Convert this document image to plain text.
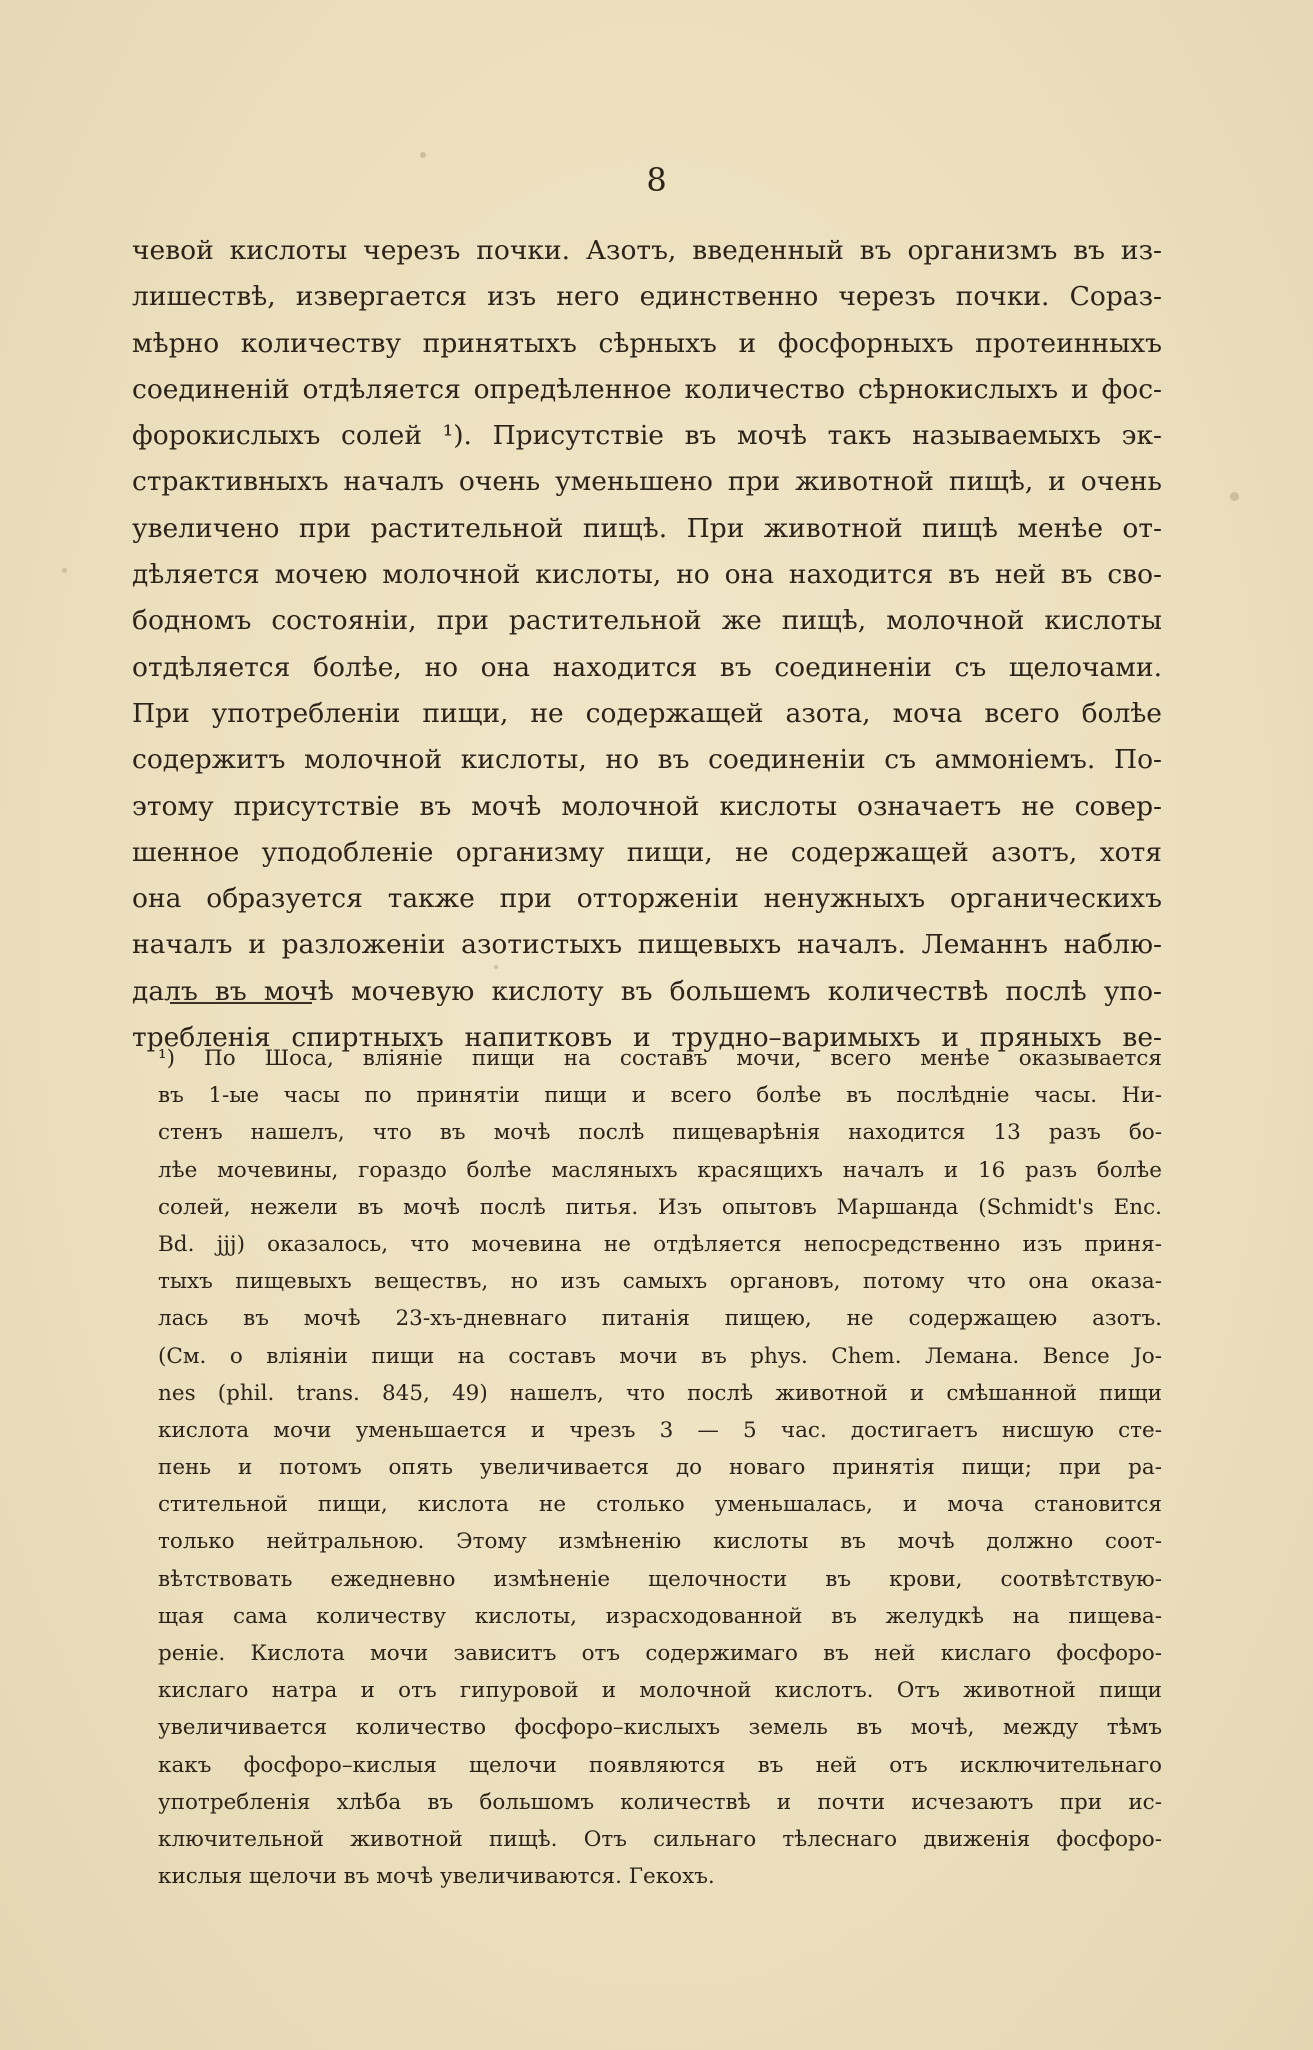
8
чевой кислоты черезъ почки. Азотъ, введенный въ организмъ въ из-
лишествѣ, извергается изъ него единственно черезъ почки. Сораз-
мѣрно количеству принятыхъ сѣрныхъ и фосфорныхъ протеинныхъ
соединеній отдѣляется опредѣленное количество сѣрнокислыхъ и фос-
форокислыхъ солей ¹). Присутствіе въ мочѣ такъ называемыхъ эк-
страктивныхъ началъ очень уменьшено при животной пищѣ, и очень
увеличено при растительной пищѣ. При животной пищѣ менѣе от-
дѣляется мочею молочной кислоты, но она находится въ ней въ сво-
бодномъ состояніи, при растительной же пищѣ, молочной кислоты
отдѣляется болѣе, но она находится въ соединеніи съ щелочами.
При употребленіи пищи, не содержащей азота, моча всего болѣе
содержитъ молочной кислоты, но въ соединеніи съ аммоніемъ. По-
этому присутствіе въ мочѣ молочной кислоты означаетъ не совер-
шенное уподобленіе организму пищи, не содержащей азотъ, хотя
она образуется также при отторженіи ненужныхъ органическихъ
началъ и разложеніи азотистыхъ пищевыхъ началъ. Леманнъ наблю-
далъ въ мочѣ мочевую кислоту въ большемъ количествѣ послѣ упо-
требленія спиртныхъ напитковъ и трудно–варимыхъ и пряныхъ ве-
¹) По Шоса, вліяніе пищи на составъ мочи, всего менѣе оказывается
въ 1-ые часы по принятіи пищи и всего болѣе въ послѣдніе часы. Ни-
стенъ нашелъ, что въ мочѣ послѣ пищеварѣнія находится 13 разъ бо-
лѣе мочевины, гораздо болѣе масляныхъ красящихъ началъ и 16 разъ болѣе
солей, нежели въ мочѣ послѣ питья. Изъ опытовъ Маршанда (Schmidt's Enc.
Bd. jjj) оказалось, что мочевина не отдѣляется непосредственно изъ приня-
тыхъ пищевыхъ веществъ, но изъ самыхъ органовъ, потому что она оказа-
лась въ мочѣ 23-хъ-дневнаго питанія пищею, не содержащею азотъ.
(См. о вліяніи пищи на составъ мочи въ phys. Chem. Лемана. Bence Jo-
nes (phil. trans. 845, 49) нашелъ, что послѣ животной и смѣшанной пищи
кислота мочи уменьшается и чрезъ 3 — 5 час. достигаетъ нисшую сте-
пень и потомъ опять увеличивается до новаго принятія пищи; при ра-
стительной пищи, кислота не столько уменьшалась, и моча становится
только нейтральною. Этому измѣненію кислоты въ мочѣ должно соот-
вѣтствовать ежедневно измѣненіе щелочности въ крови, соотвѣтствую-
щая сама количеству кислоты, израсходованной въ желудкѣ на пищева-
реніе. Кислота мочи зависитъ отъ содержимаго въ ней кислаго фосфоро-
кислаго натра и отъ гипуровой и молочной кислотъ. Отъ животной пищи
увеличивается количество фосфоро–кислыхъ земель въ мочѣ, между тѣмъ
какъ фосфоро–кислыя щелочи появляются въ ней отъ исключительнаго
употребленія хлѣба въ большомъ количествѣ и почти исчезаютъ при ис-
ключительной животной пищѣ. Отъ сильнаго тѣлеснаго движенія фосфоро-
кислыя щелочи въ мочѣ увеличиваются. Гекохъ.
